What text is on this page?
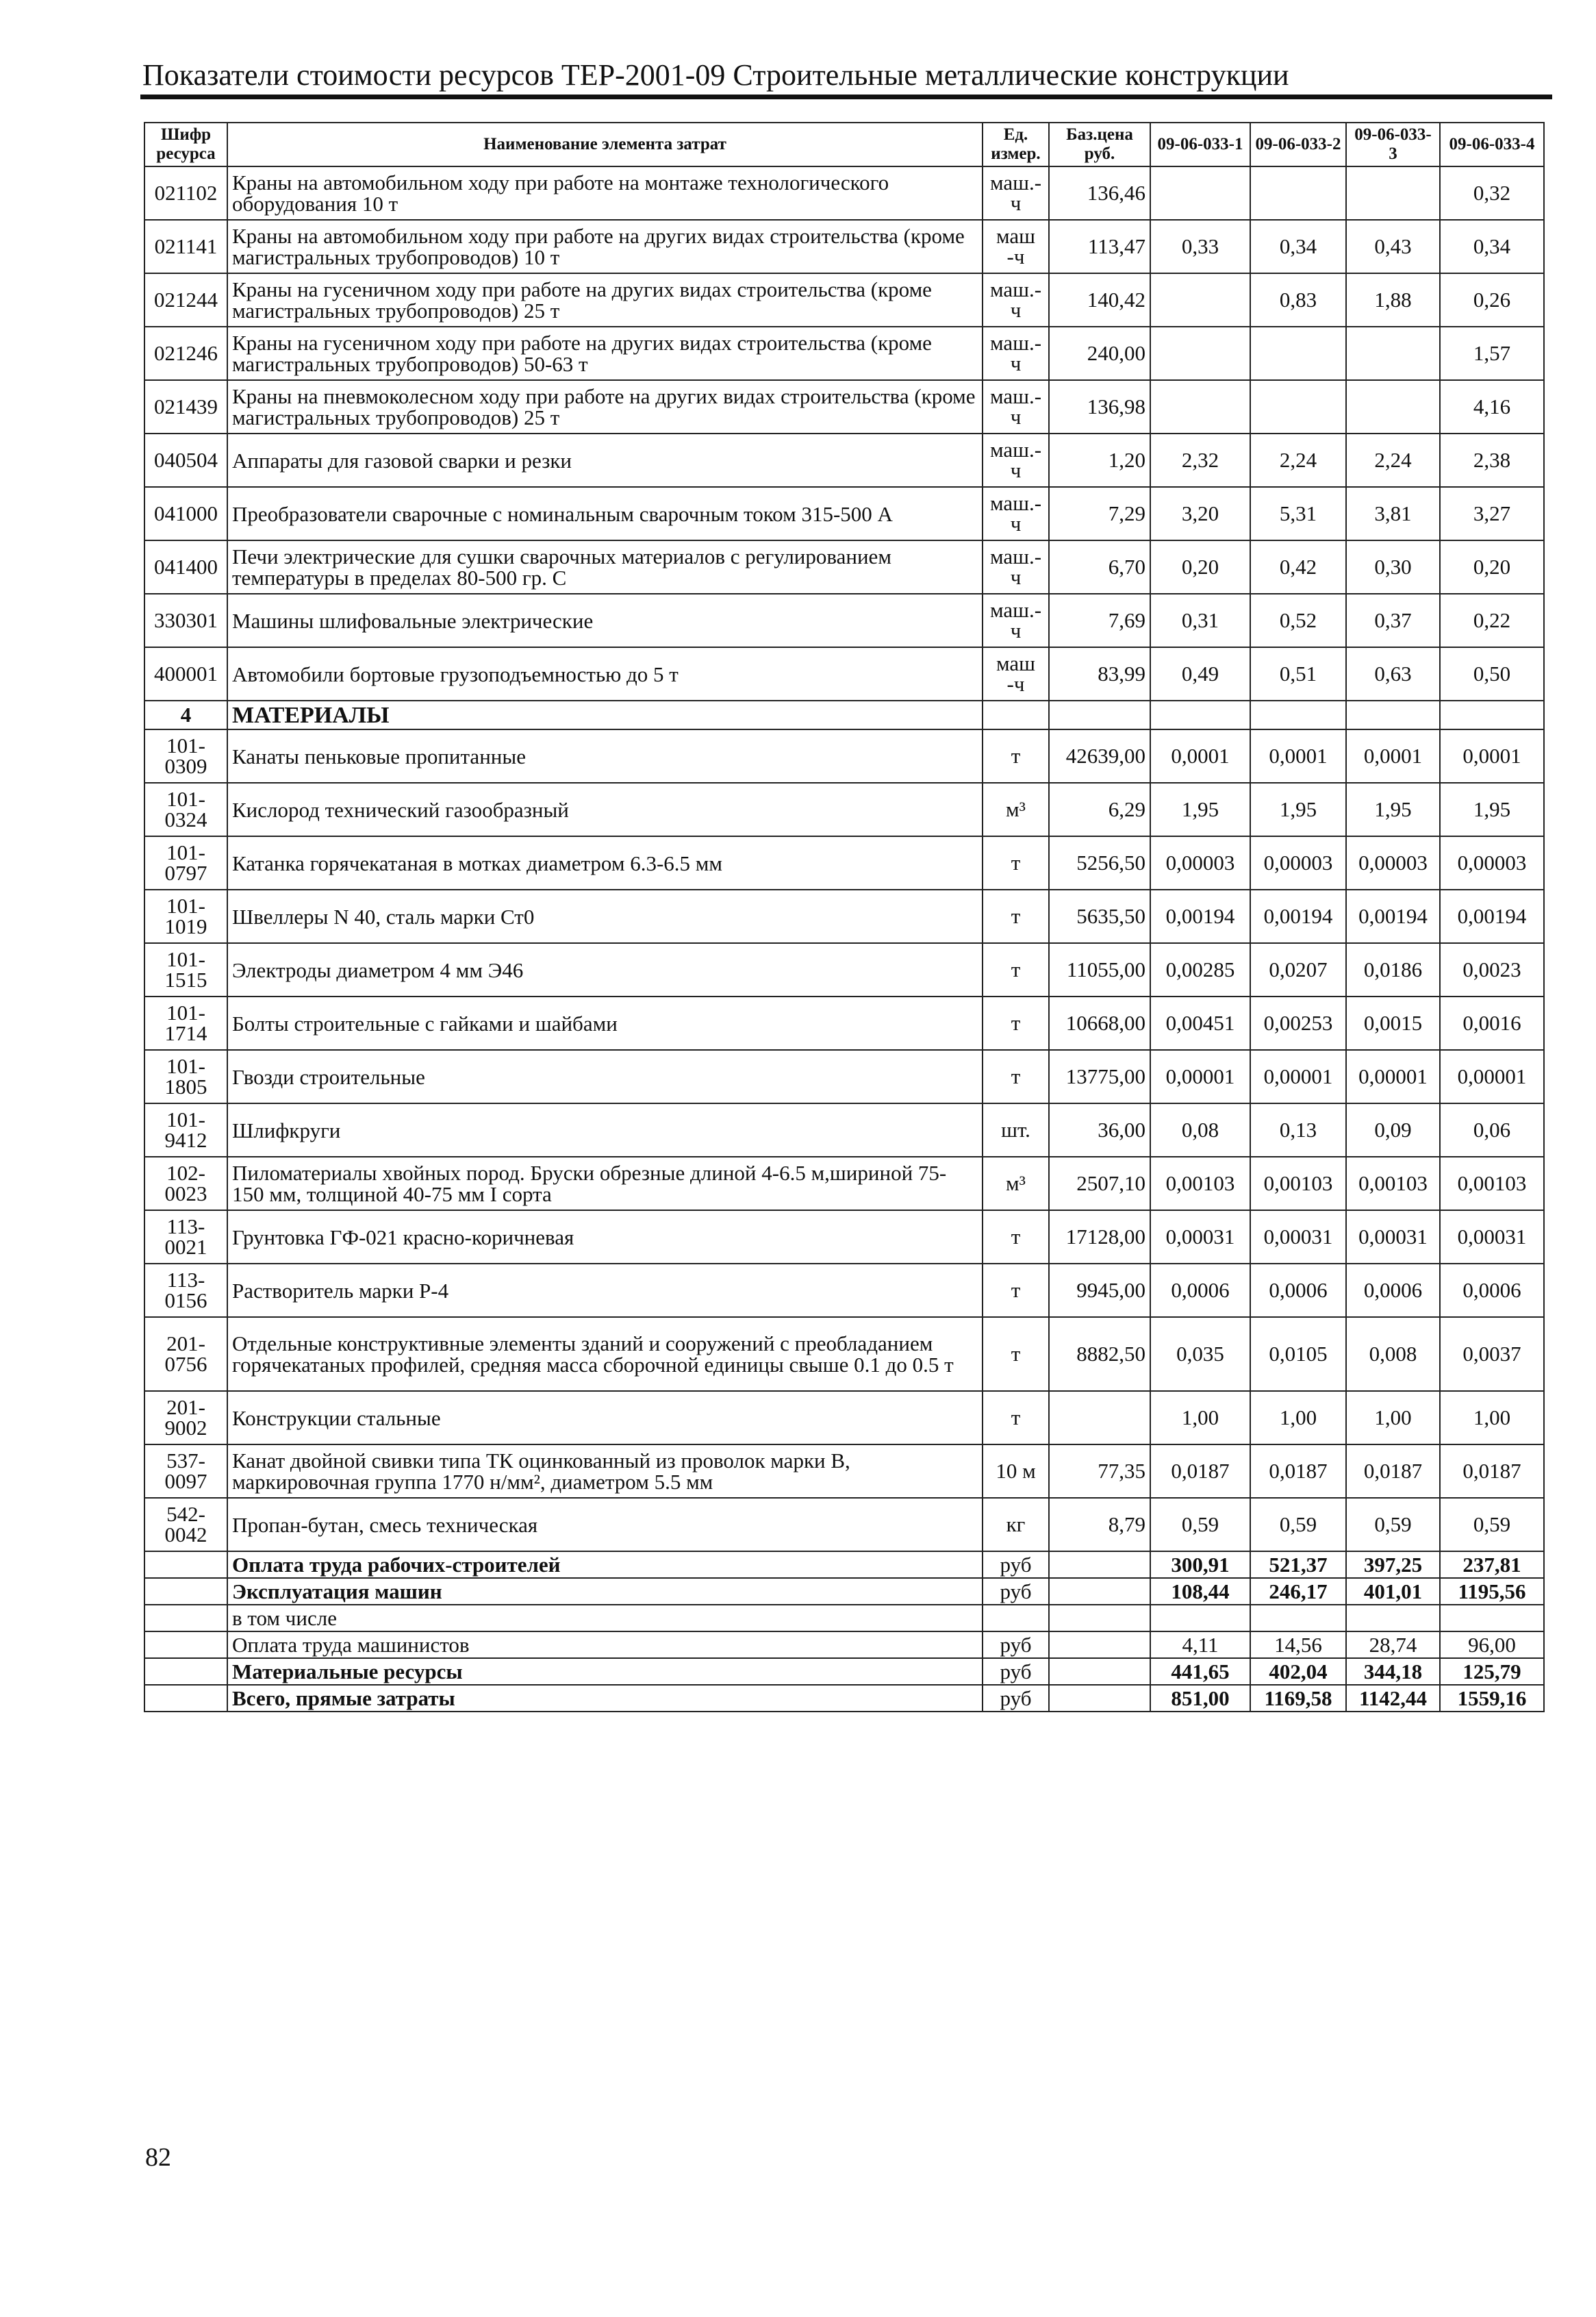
Показатели стоимости ресурсов ТЕР-2001-09 Строительные металлические конструкции
Шифр ресурса	Наименование элемента затрат	Ед. измер.	Баз.цена руб.	09-06-033-1	09-06-033-2	09-06-033-3	09-06-033-4
021102	Краны на автомобильном ходу при работе на монтаже технологического оборудования 10 т	маш.-ч	136,46				0,32
021141	Краны на автомобильном ходу при работе на других видах строительства (кроме магистральных трубопроводов) 10 т	маш -ч	113,47	0,33	0,34	0,43	0,34
021244	Краны на гусеничном ходу при работе на других видах строительства (кроме магистральных трубопроводов) 25 т	маш.-ч	140,42		0,83	1,88	0,26
021246	Краны на гусеничном ходу при работе на других видах строительства (кроме магистральных трубопроводов) 50-63 т	маш.-ч	240,00				1,57
021439	Краны на пневмоколесном ходу при работе на других видах строительства (кроме магистральных трубопроводов) 25 т	маш.-ч	136,98				4,16
040504	Аппараты для газовой сварки и резки	маш.-ч	1,20	2,32	2,24	2,24	2,38
041000	Преобразователи сварочные с номинальным сварочным током 315-500 А	маш.-ч	7,29	3,20	5,31	3,81	3,27
041400	Печи электрические для сушки сварочных материалов с регулированием температуры в пределах 80-500 гр. С	маш.-ч	6,70	0,20	0,42	0,30	0,20
330301	Машины шлифовальные электрические	маш.-ч	7,69	0,31	0,52	0,37	0,22
400001	Автомобили бортовые грузоподъемностью до 5 т	маш -ч	83,99	0,49	0,51	0,63	0,50
4	МАТЕРИАЛЫ						
101-0309	Канаты пеньковые пропитанные	т	42639,00	0,0001	0,0001	0,0001	0,0001
101-0324	Кислород технический газообразный	м³	6,29	1,95	1,95	1,95	1,95
101-0797	Катанка горячекатаная в мотках диаметром 6.3-6.5 мм	т	5256,50	0,00003	0,00003	0,00003	0,00003
101-1019	Швеллеры N 40, сталь марки Ст0	т	5635,50	0,00194	0,00194	0,00194	0,00194
101-1515	Электроды диаметром 4 мм Э46	т	11055,00	0,00285	0,0207	0,0186	0,0023
101-1714	Болты строительные с гайками и шайбами	т	10668,00	0,00451	0,00253	0,0015	0,0016
101-1805	Гвозди строительные	т	13775,00	0,00001	0,00001	0,00001	0,00001
101-9412	Шлифкруги	шт.	36,00	0,08	0,13	0,09	0,06
102-0023	Пиломатериалы хвойных пород. Бруски обрезные длиной 4-6.5 м,шириной 75-150 мм, толщиной 40-75 мм I сорта	м³	2507,10	0,00103	0,00103	0,00103	0,00103
113-0021	Грунтовка ГФ-021 красно-коричневая	т	17128,00	0,00031	0,00031	0,00031	0,00031
113-0156	Растворитель марки Р-4	т	9945,00	0,0006	0,0006	0,0006	0,0006
201-0756	Отдельные конструктивные элементы зданий и сооружений с преобладанием горячекатаных профилей, средняя масса сборочной единицы свыше 0.1 до 0.5 т	т	8882,50	0,035	0,0105	0,008	0,0037
201-9002	Конструкции стальные	т		1,00	1,00	1,00	1,00
537-0097	Канат двойной свивки типа ТК оцинкованный из проволок марки В, маркировочная группа 1770 н/мм², диаметром 5.5 мм	10 м	77,35	0,0187	0,0187	0,0187	0,0187
542-0042	Пропан-бутан, смесь техническая	кг	8,79	0,59	0,59	0,59	0,59
	Оплата труда рабочих-строителей	руб		300,91	521,37	397,25	237,81
	Эксплуатация машин	руб		108,44	246,17	401,01	1195,56
	в том числе						
	Оплата труда машинистов	руб		4,11	14,56	28,74	96,00
	Материальные ресурсы	руб		441,65	402,04	344,18	125,79
	Всего, прямые затраты	руб		851,00	1169,58	1142,44	1559,16
82
